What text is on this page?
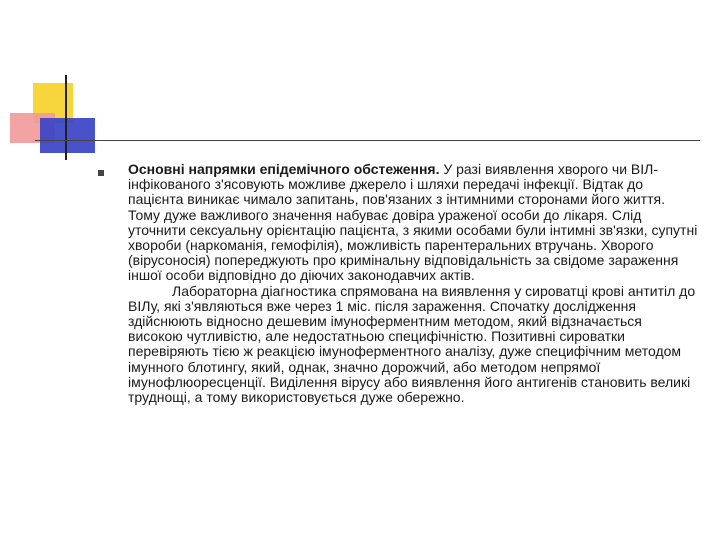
Основні напрямки епідемічного обстеження. У разі виявлення хворого чи ВІЛ-інфікованого з'ясовують можливе джерело і шляхи передачі інфекції. Відтак до пацієнта виникає чимало запитань, пов'язаних з інтимними сторонами його життя. Тому дуже важливого значення набуває довіра ураженої особи до лікаря. Слід уточнити сексуальну орієнтацію пацієнта, з якими особами були інтимні зв'язки, супутні хвороби (наркоманія, гемофілія), можливість парентеральних втручань. Хворого (вірусоносія) попереджують про кримінальну відповідальність за свідоме зараження іншої особи відповідно до діючих законодавчих актів.

Лабораторна діагностика спрямована на виявлення у сироватці крові антитіл до ВІЛу, які з'являються вже через 1 міс. після зараження. Спочатку дослідження здійснюють відносно дешевим імуноферментним методом, який відзначається високою чутливістю, але недостатньою специфічністю. Позитивні сироватки перевіряють тією ж реакцією імуноферментного аналізу, дуже специфічним методом імунного блотингу, який, однак, значно дорожчий, або методом непрямої імунофлюоресценції. Виділення вірусу або виявлення його антигенів становить великі труднощі, а тому використовується дуже обережно.
